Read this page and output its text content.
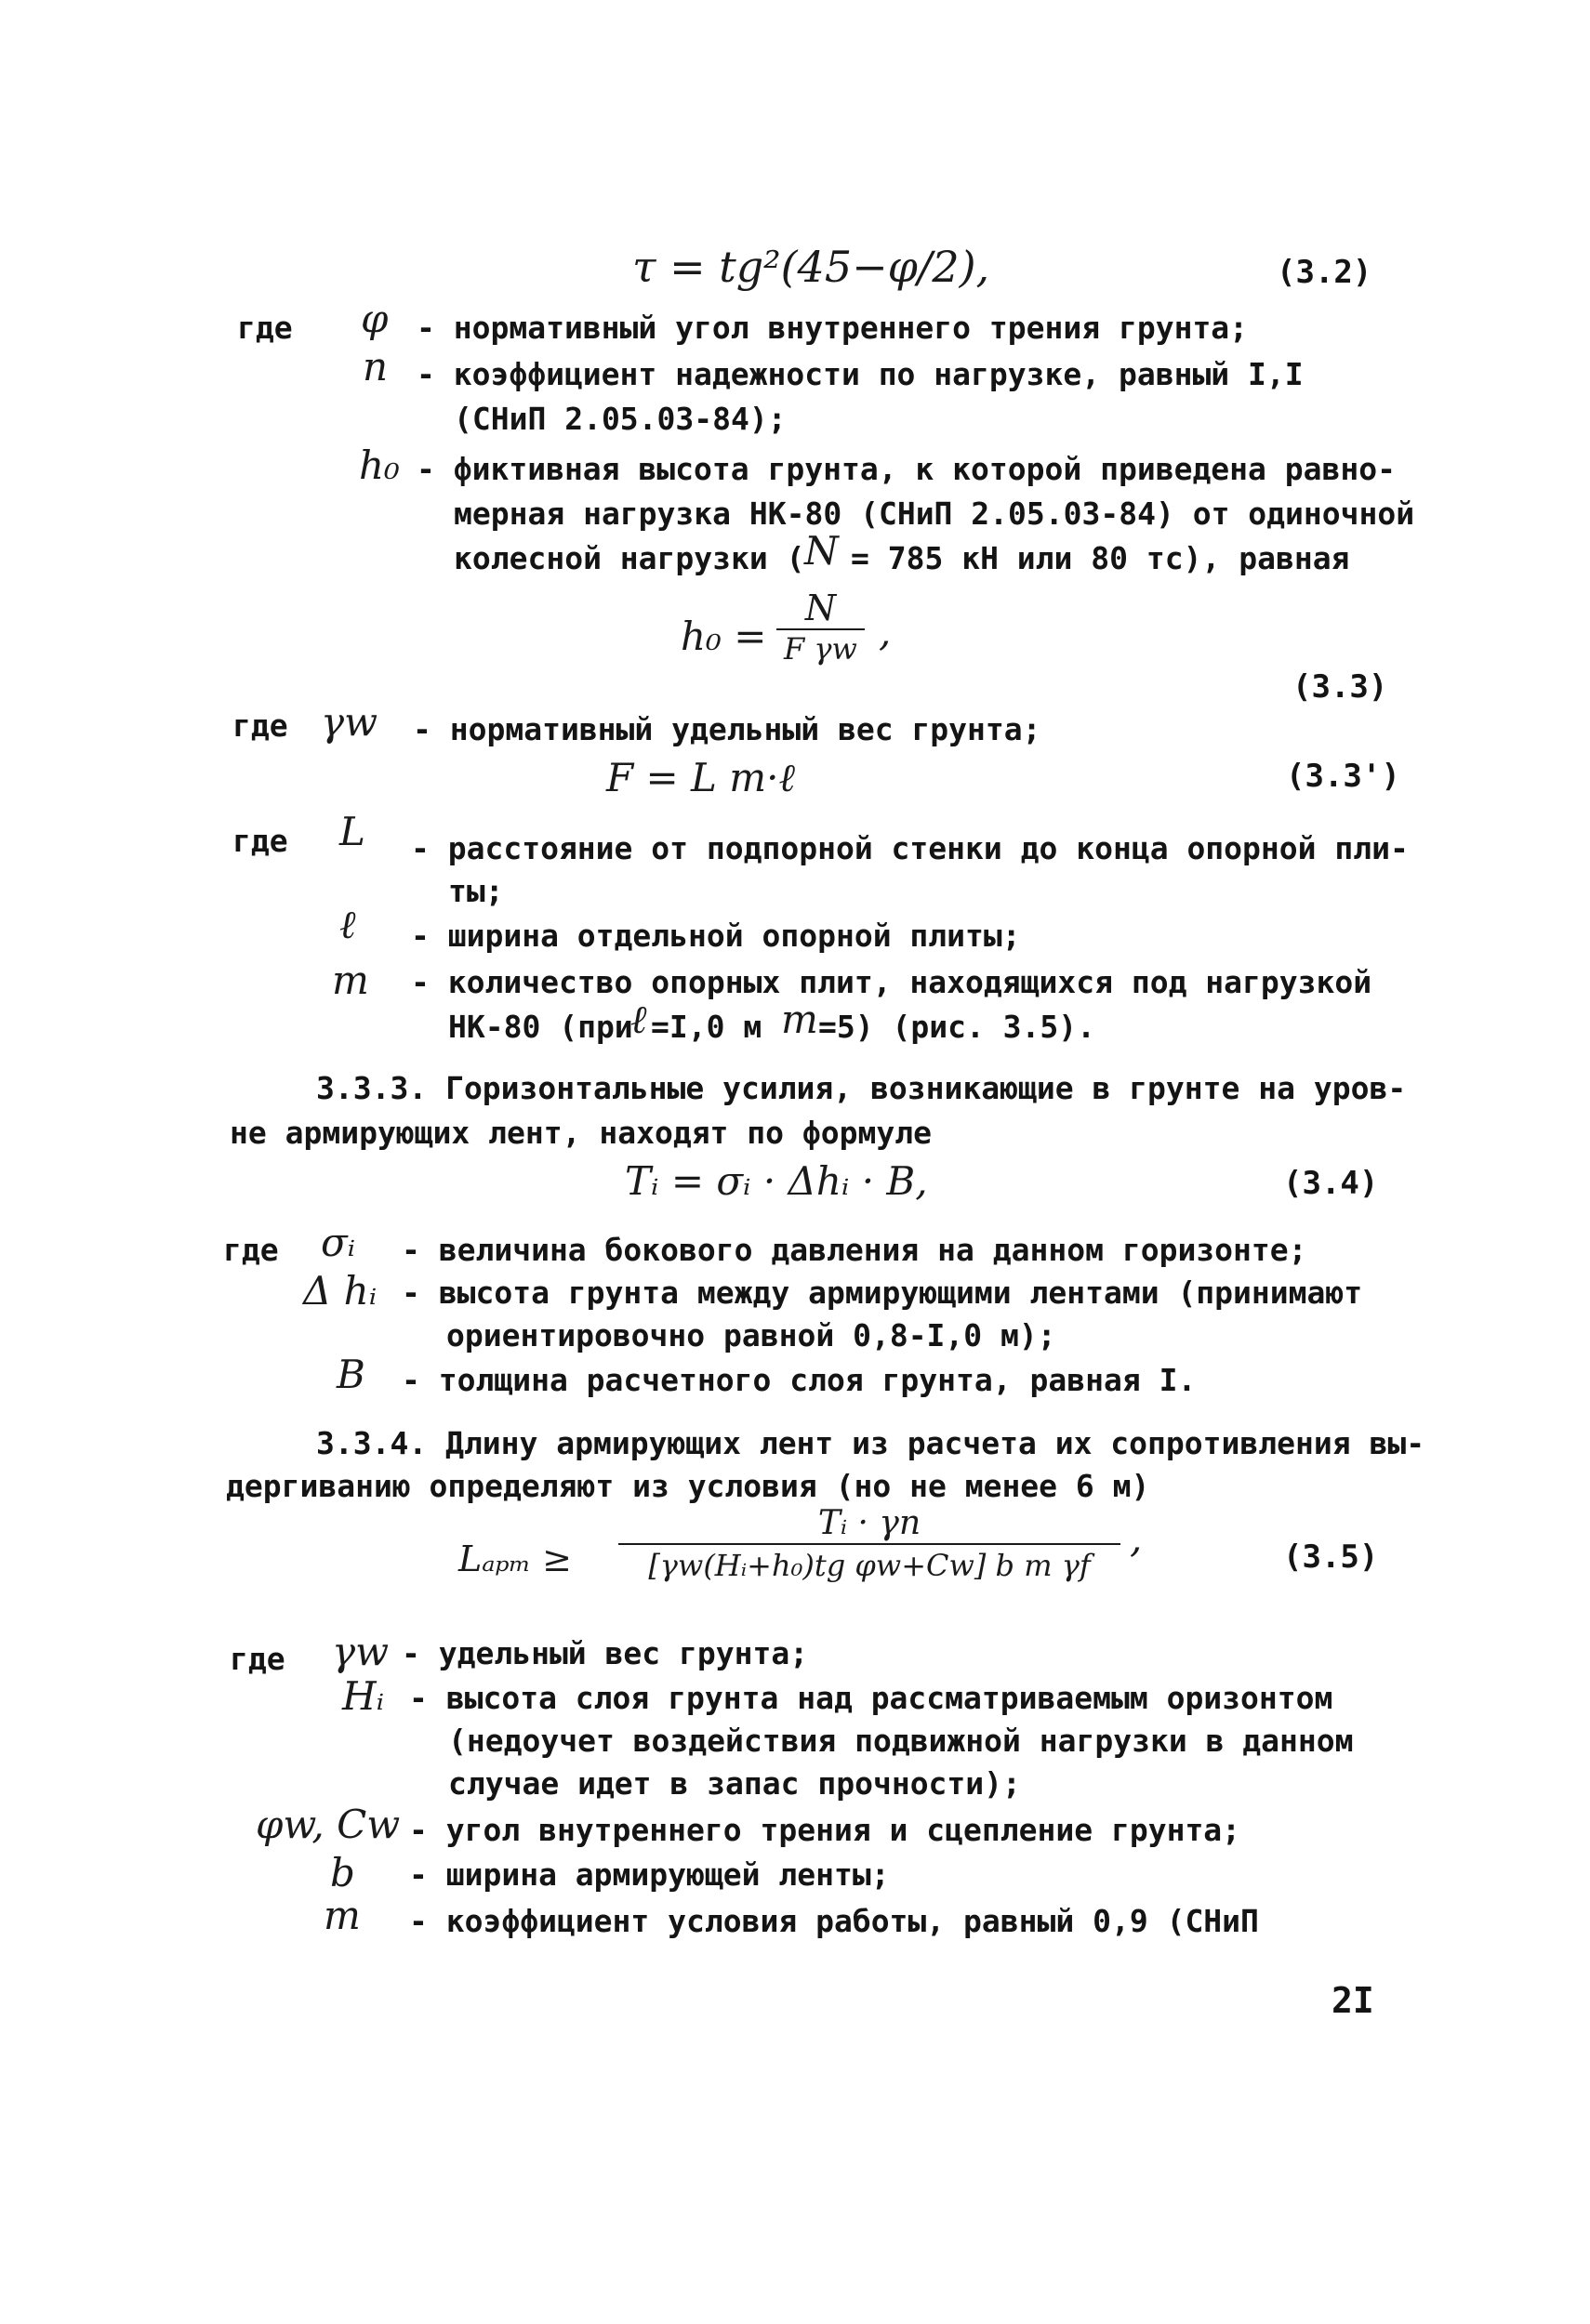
τ = tg²(45−φ/2),	(3.2)
где φ - нормативный угол внутреннего трения грунта;
n - коэффициент надежности по нагрузке, равный I,I
(СНиП 2.05.03-84);
h₀ - фиктивная высота грунта, к которой приведена равно-
мерная нагрузка НК-80 (СНиП 2.05.03-84) от одиночной
колесной нагрузки ( N = 785 кН или 80 тс), равная
h₀ =
N
F γw ,
(3.3)
где γw - нормативный удельный вес грунта;
F = L m·ℓ	(3.3')
где L - расстояние от подпорной стенки до конца опорной пли-
ты;
ℓ - ширина отдельной опорной плиты;
m - количество опорных плит, находящихся под нагрузкой
НК-80 (при
ℓ =I,0 м m =5) (рис. 3.5).
3.3.3. Горизонтальные усилия, возникающие в грунте на уров-
не армирующих лент, находят по формуле
Tᵢ = σᵢ · Δhᵢ · B,	(3.4)
где σᵢ - величина бокового давления на данном горизонте;
Δ hᵢ - высота грунта между армирующими лентами (принимают
ориентировочно равной 0,8-I,0 м);
B - толщина расчетного слоя грунта, равная I.
3.3.4. Длину армирующих лент из расчета их сопротивления вы-
дергиванию определяют из условия (но не менее 6 м)
Lₐₚₘ ≥
Tᵢ · γn
[γw(Hᵢ+h₀)tg φw+Cw] b m γf
,	(3.5)
где γw - удельный вес грунта;
Hᵢ - высота слоя грунта над рассматриваемым оризонтом
(недоучет воздействия подвижной нагрузки в данном
случае идет в запас прочности);
φw, Cw - угол внутреннего трения и сцепление грунта;
b - ширина армирующей ленты;
m - коэффициент условия работы, равный 0,9 (СНиП
2I
